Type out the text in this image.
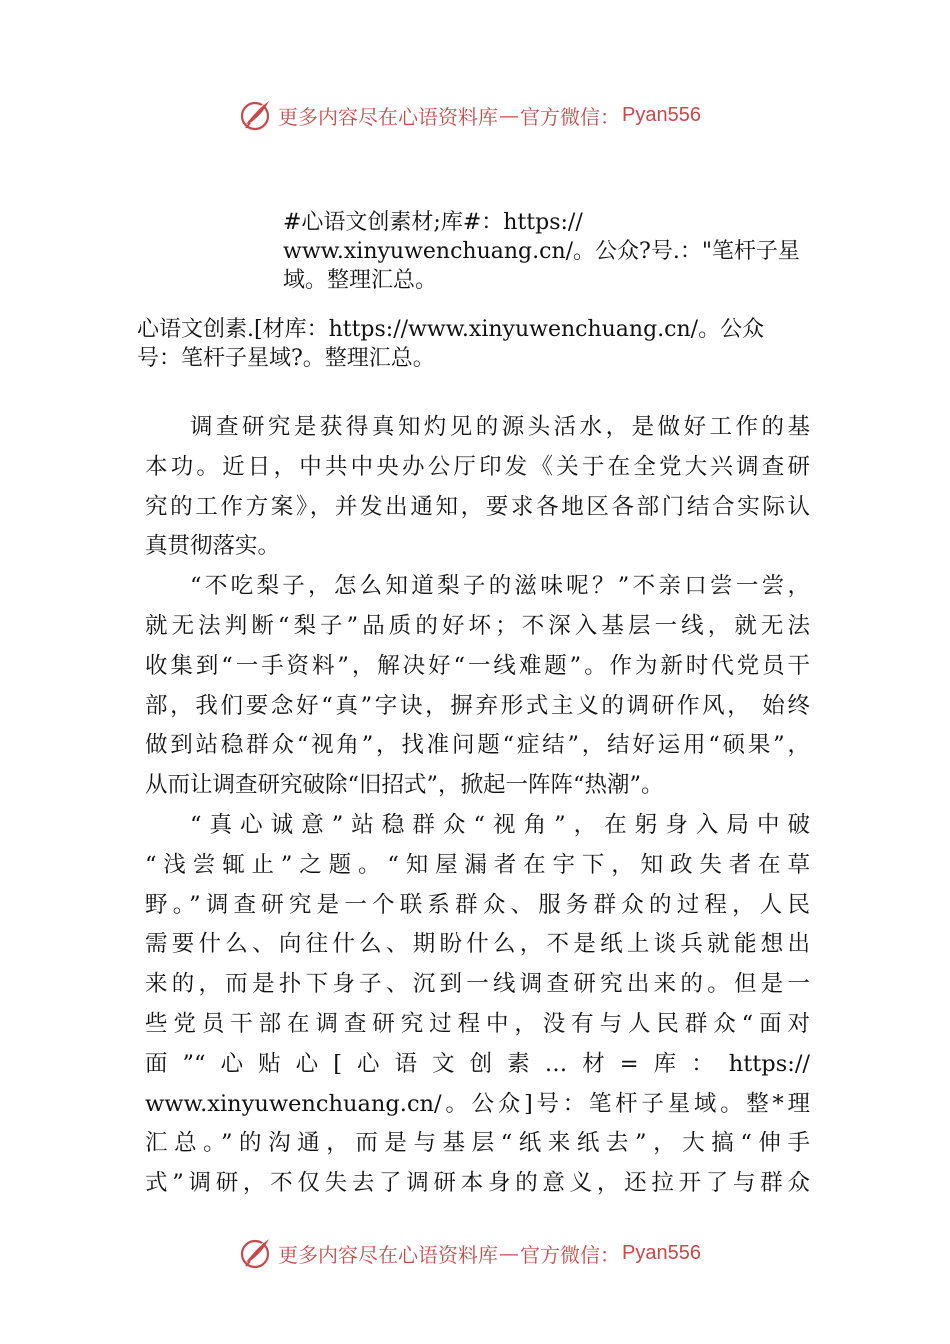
更多内容尽在心语资料库 — 官方微信： Pyan556
#心语文创素材;库#：https://
www.xinyuwenchuang.cn/。公众?号.："笔杆子星
域。整理汇总。
心语文创素.[材库：https://www.xinyuwenchuang.cn/。公众
号：笔杆子星域?。整理汇总。
调查研究是获得真知灼见的源头活水，是做好工作的基
本功。近日，中共中央办公厅印发《关于在全党大兴调查研
究的工作方案》，并发出通知，要求各地区各部门结合实际认
真贯彻落实。
“不吃梨子，怎么知道梨子的滋味呢？”不亲口尝一尝，
就无法判断“梨子”品质的好坏；不深入基层一线，就无法
收集到“一手资料”，解决好“一线难题”。作为新时代党员干
部，我们要念好“真”字诀，摒弃形式主义的调研作风， 始终
做到站稳群众“视角”，找准问题“症结”，结好运用“硕果”，
从而让调查研究破除“旧招式”，掀起一阵阵“热潮”。
“真心诚意”站稳群众“视角”，在躬身入局中破
“浅尝辄止”之题。“知屋漏者在宇下，知政失者在草
野。”调查研究是一个联系群众、服务群众的过程，人民
需要什么、向往什么、期盼什么，不是纸上谈兵就能想出
来的，而是扑下身子、沉到一线调查研究出来的。但是一
些党员干部在调查研究过程中，没有与人民群众“面对
面”“心贴心[心语文创素…材=库：https://
www.xinyuwenchuang.cn/。公众]号：笔杆子星域。整*理
汇总。”的沟通，而是与基层“纸来纸去”，大搞“伸手
式”调研，不仅失去了调研本身的意义，还拉开了与群众
更多内容尽在心语资料库 — 官方微信： Pyan556
